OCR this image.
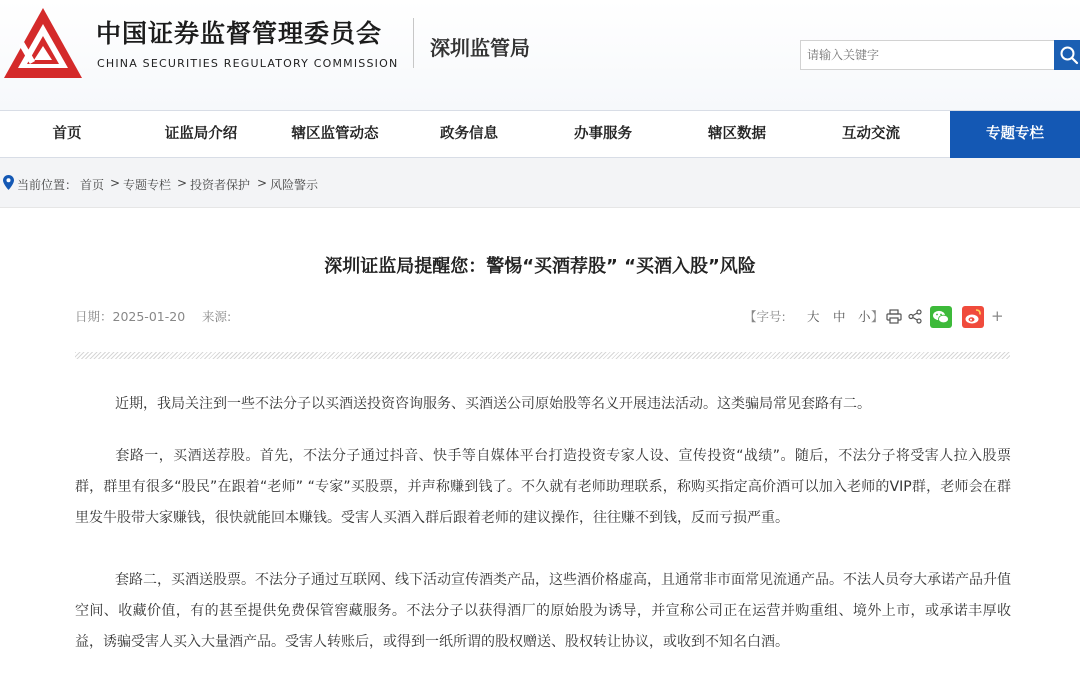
中国证券监督管理委员会
CHINA SECURITIES REGULATORY COMMISSION
深圳监管局
请输入关键字
首页	证监局介绍	辖区监管动态	政务信息	办事服务	辖区数据	互动交流	专题专栏
当前位置： 首页 > 专题专栏 > 投资者保护 > 风险警示
深圳证监局提醒您：警惕“买酒荐股” “买酒入股”风险
日期：2025-01-20 来源:	【字号: 大 中 小 】	+

近期，我局关注到一些不法分子以买酒送投资咨询服务、买酒送公司原始股等名义开展违法活动。这类骗局常见套路有二。

套路一，买酒送荐股。首先，不法分子通过抖音、快手等自媒体平台打造投资专家人设、宣传投资“战绩”。随后，不法分子将受害人拉入股票群，群里有很多“股民”在跟着“老师” “专家”买股票，并声称赚到钱了。不久就有老师助理联系，称购买指定高价酒可以加入老师的VIP群，老师会在群里发牛股带大家赚钱，很快就能回本赚钱。受害人买酒入群后跟着老师的建议操作，往往赚不到钱，反而亏损严重。

套路二，买酒送股票。不法分子通过互联网、线下活动宣传酒类产品，这些酒价格虚高，且通常非市面常见流通产品。不法人员夸大承诺产品升值空间、收藏价值，有的甚至提供免费保管窖藏服务。不法分子以获得酒厂的原始股为诱导，并宣称公司正在运营并购重组、境外上市，或承诺丰厚收益，诱骗受害人买入大量酒产品。受害人转账后，或得到一纸所谓的股权赠送、股权转让协议，或收到不知名白酒。
